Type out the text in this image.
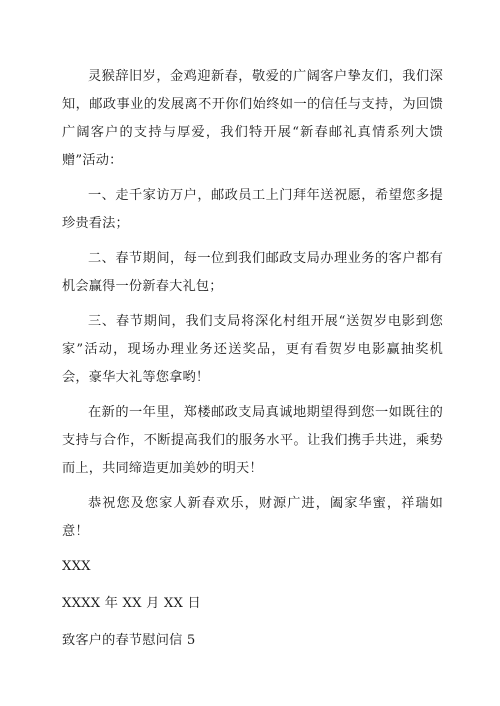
灵猴辞旧岁，金鸡迎新春，敬爱的广阔客户挚友们，我们深知，邮政事业的发展离不开你们始终如一的信任与支持，为回馈广阔客户的支持与厚爱，我们特开展“新春邮礼真情系列大馈赠”活动：

一、走千家访万户，邮政员工上门拜年送祝愿，希望您多提珍贵看法；

二、春节期间，每一位到我们邮政支局办理业务的客户都有机会赢得一份新春大礼包；

三、春节期间，我们支局将深化村组开展“送贺岁电影到您家”活动，现场办理业务还送奖品，更有看贺岁电影赢抽奖机会，豪华大礼等您拿哟！

在新的一年里，郑楼邮政支局真诚地期望得到您一如既往的支持与合作，不断提高我们的服务水平。让我们携手共进，乘势而上，共同缔造更加美妙的明天！

恭祝您及您家人新春欢乐，财源广进，阖家华蜜，祥瑞如意！

XXX

XXXX 年 XX 月 XX 日

致客户的春节慰问信 5
